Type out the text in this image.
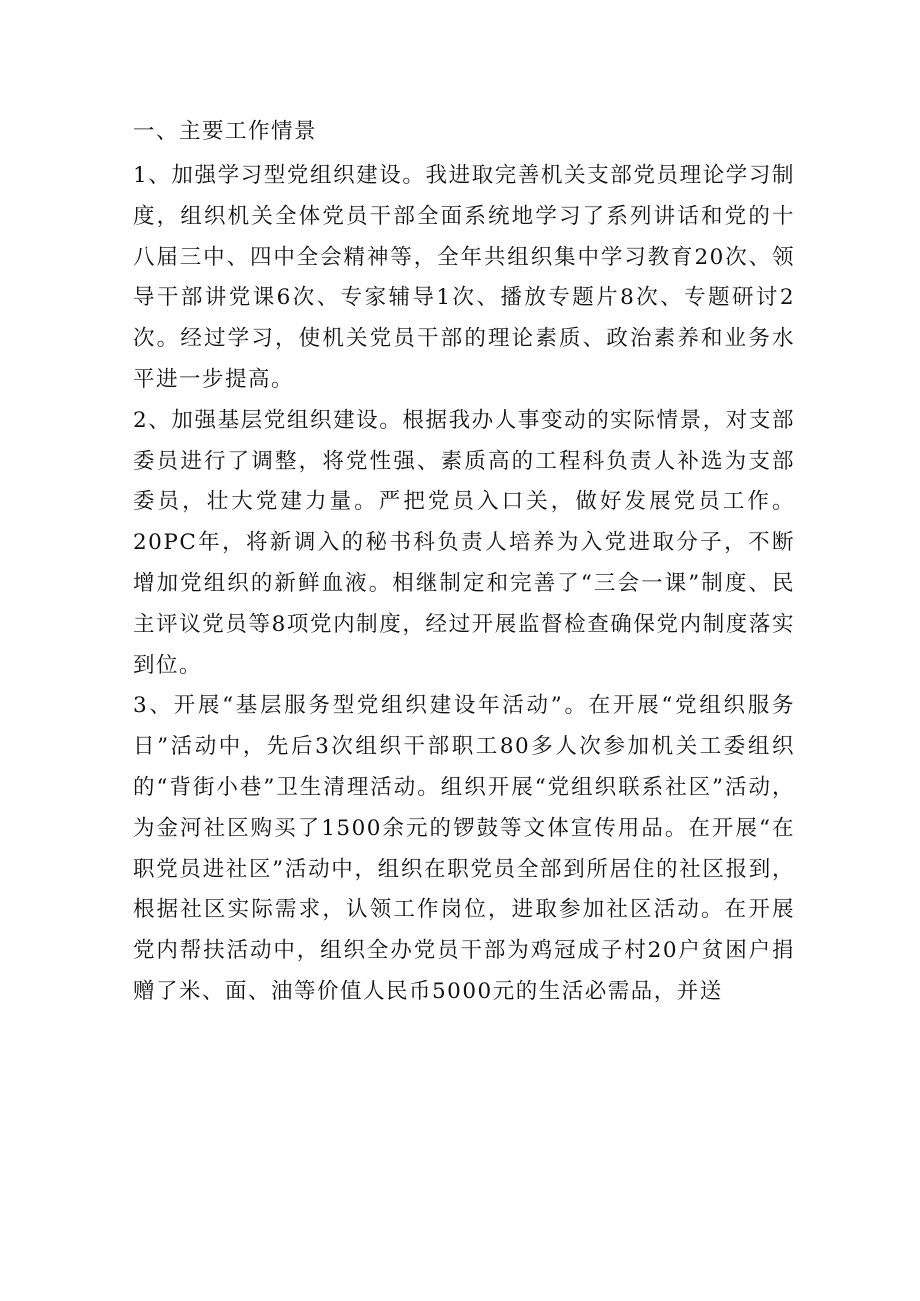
一、主要工作情景

1、加强学习型党组织建设。我进取完善机关支部党员理论学习制度，组织机关全体党员干部全面系统地学习了系列讲话和党的十八届三中、四中全会精神等，全年共组织集中学习教育20次、领导干部讲党课6次、专家辅导1次、播放专题片8次、专题研讨2次。经过学习，使机关党员干部的理论素质、政治素养和业务水平进一步提高。

2、加强基层党组织建设。根据我办人事变动的实际情景，对支部委员进行了调整，将党性强、素质高的工程科负责人补选为支部委员，壮大党建力量。严把党员入口关，做好发展党员工作。20PC年，将新调入的秘书科负责人培养为入党进取分子，不断增加党组织的新鲜血液。相继制定和完善了“三会一课”制度、民主评议党员等8项党内制度，经过开展监督检查确保党内制度落实到位。

3、开展“基层服务型党组织建设年活动”。在开展“党组织服务日”活动中，先后3次组织干部职工80多人次参加机关工委组织的“背街小巷”卫生清理活动。组织开展“党组织联系社区”活动，为金河社区购买了1500余元的锣鼓等文体宣传用品。在开展“在职党员进社区”活动中，组织在职党员全部到所居住的社区报到，根据社区实际需求，认领工作岗位，进取参加社区活动。在开展党内帮扶活动中，组织全办党员干部为鸡冠成子村20户贫困户捐赠了米、面、油等价值人民币5000元的生活必需品，并送
